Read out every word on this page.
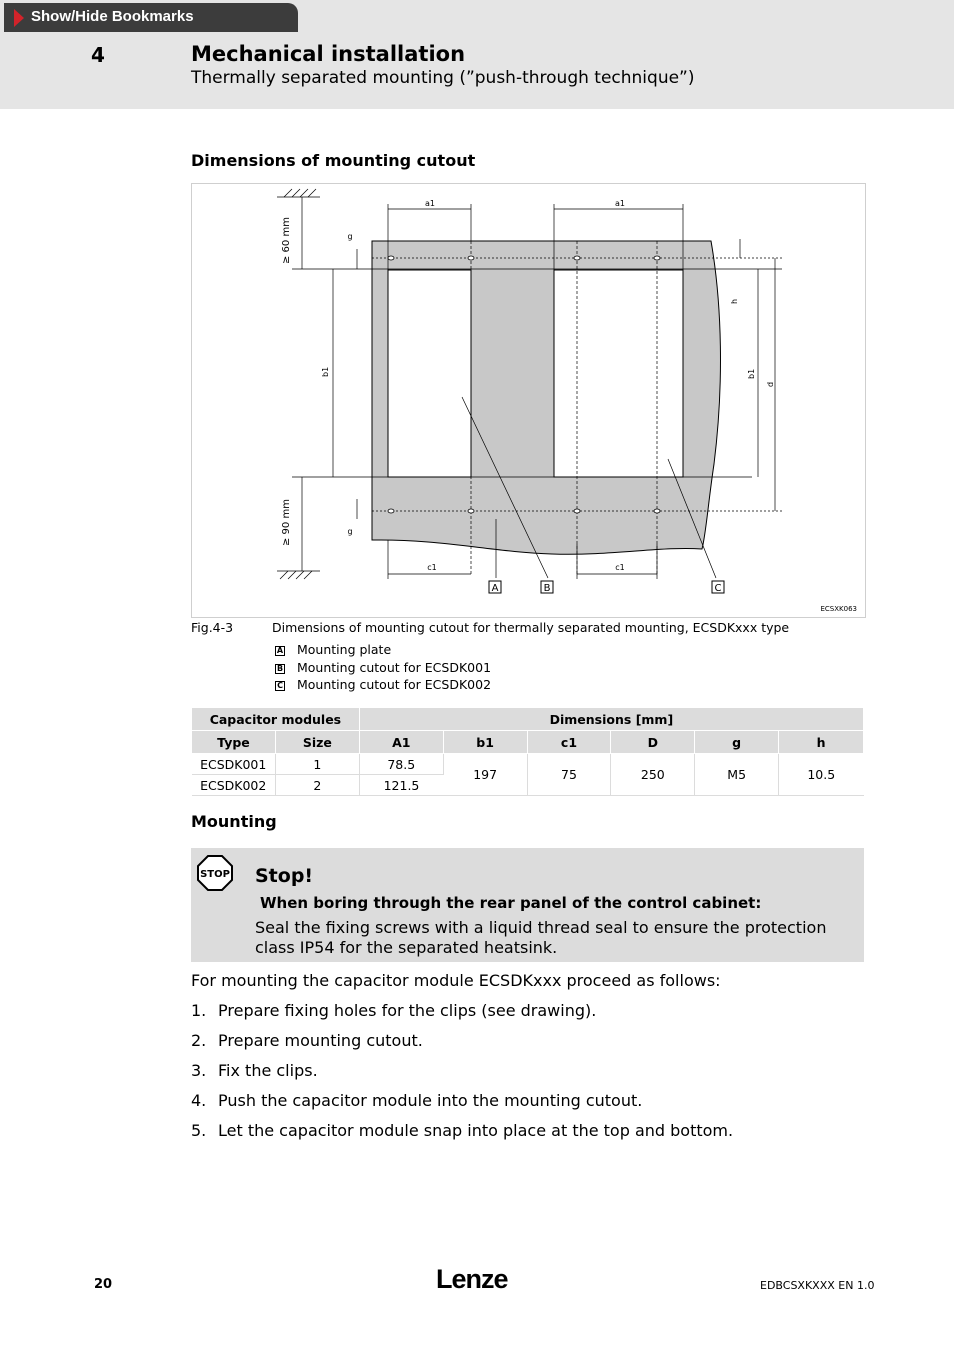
Show/Hide Bookmarks
4	Mechanical installation
Thermally separated mounting (”push-through technique”)
Dimensions of mounting cutout
a1	a1
g
g
≥ 60 mm
≥ 90 mm
b1	b1
h
d
c1	c1
A	B	C
ECSXK063
Fig.4-3	Dimensions of mounting cutout for thermally separated mounting, ECSDKxxx type
A Mounting plate
B Mounting cutout for ECSDK001
C Mounting cutout for ECSDK002
Capacitor modules		Dimensions [mm]					
Type	Size	A1	b1	c1	D	g	h
ECSDK001	1	78.5	197	75	250	M5	10.5
ECSDK002	2	121.5					
Mounting
STOP Stop!
When boring through the rear panel of the control cabinet:
Seal the fixing screws with a liquid thread seal to ensure the protection class IP54 for the separated heatsink.
For mounting the capacitor module ECSDKxxx proceed as follows:
1. Prepare fixing holes for the clips (see drawing).
2. Prepare mounting cutout.
3. Fix the clips.
4. Push the capacitor module into the mounting cutout.
5. Let the capacitor module snap into place at the top and bottom.
20	Lenze	EDBCSXKXXX EN 1.0
